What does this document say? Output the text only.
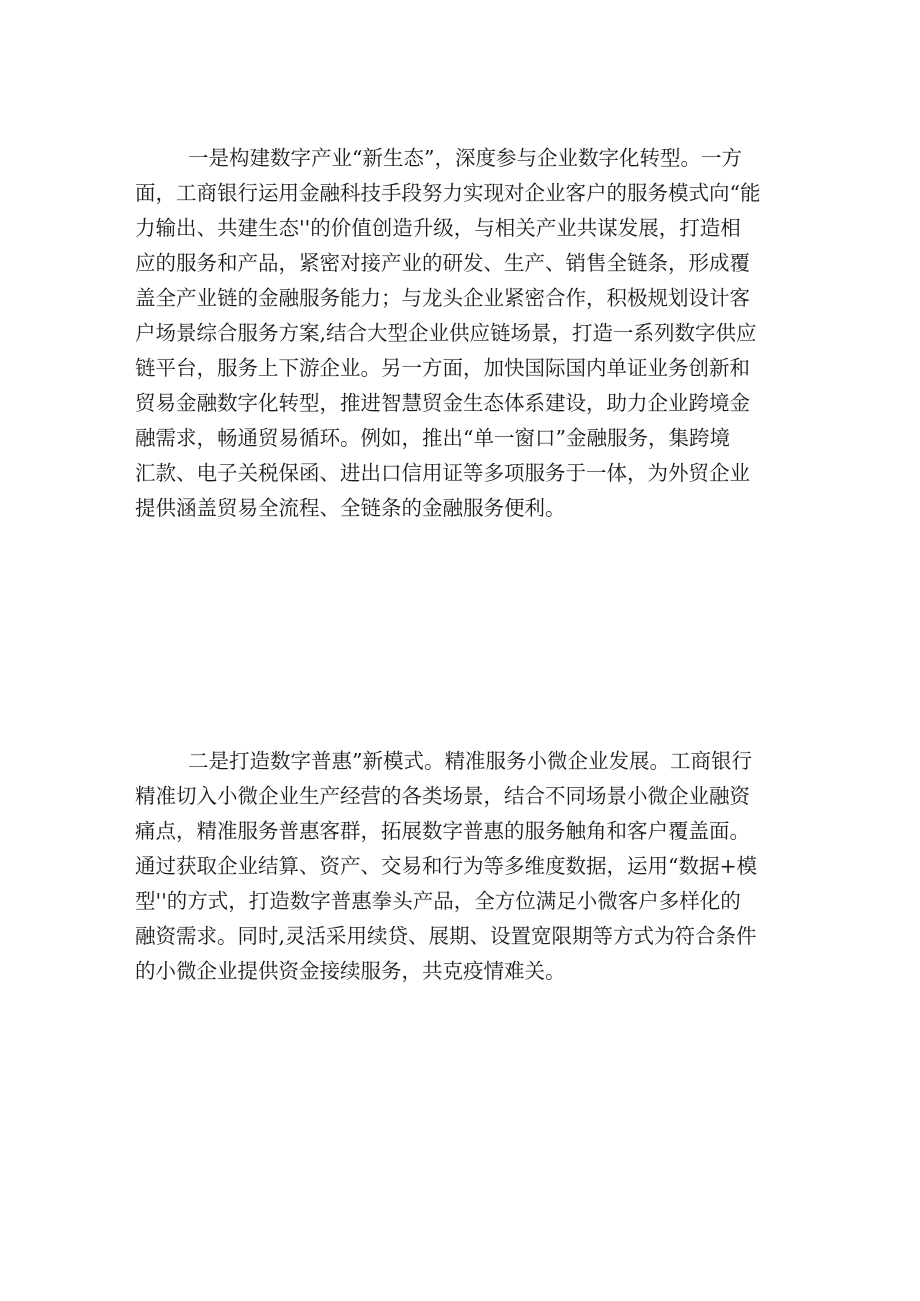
一是构建数字产业“新生态”，深度参与企业数字化转型。一方

面，工商银行运用金融科技手段努力实现对企业客户的服务模式向“能

力输出、共建生态''的价值创造升级，与相关产业共谋发展，打造相

应的服务和产品，紧密对接产业的研发、生产、销售全链条，形成覆

盖全产业链的金融服务能力；与龙头企业紧密合作，积极规划设计客

户场景综合服务方案,结合大型企业供应链场景，打造一系列数字供应

链平台，服务上下游企业。另一方面，加快国际国内单证业务创新和

贸易金融数字化转型，推进智慧贸金生态体系建设，助力企业跨境金

融需求，畅通贸易循环。例如，推出“单一窗口”金融服务，集跨境

汇款、电子关税保函、进出口信用证等多项服务于一体，为外贸企业

提供涵盖贸易全流程、全链条的金融服务便利。

二是打造数字普惠”新模式。精准服务小微企业发展。工商银行

精准切入小微企业生产经营的各类场景，结合不同场景小微企业融资

痛点，精准服务普惠客群，拓展数字普惠的服务触角和客户覆盖面。

通过获取企业结算、资产、交易和行为等多维度数据，运用“数据+模

型''的方式，打造数字普惠拳头产品，全方位满足小微客户多样化的

融资需求。同时,灵活采用续贷、展期、设置宽限期等方式为符合条件

的小微企业提供资金接续服务，共克疫情难关。
